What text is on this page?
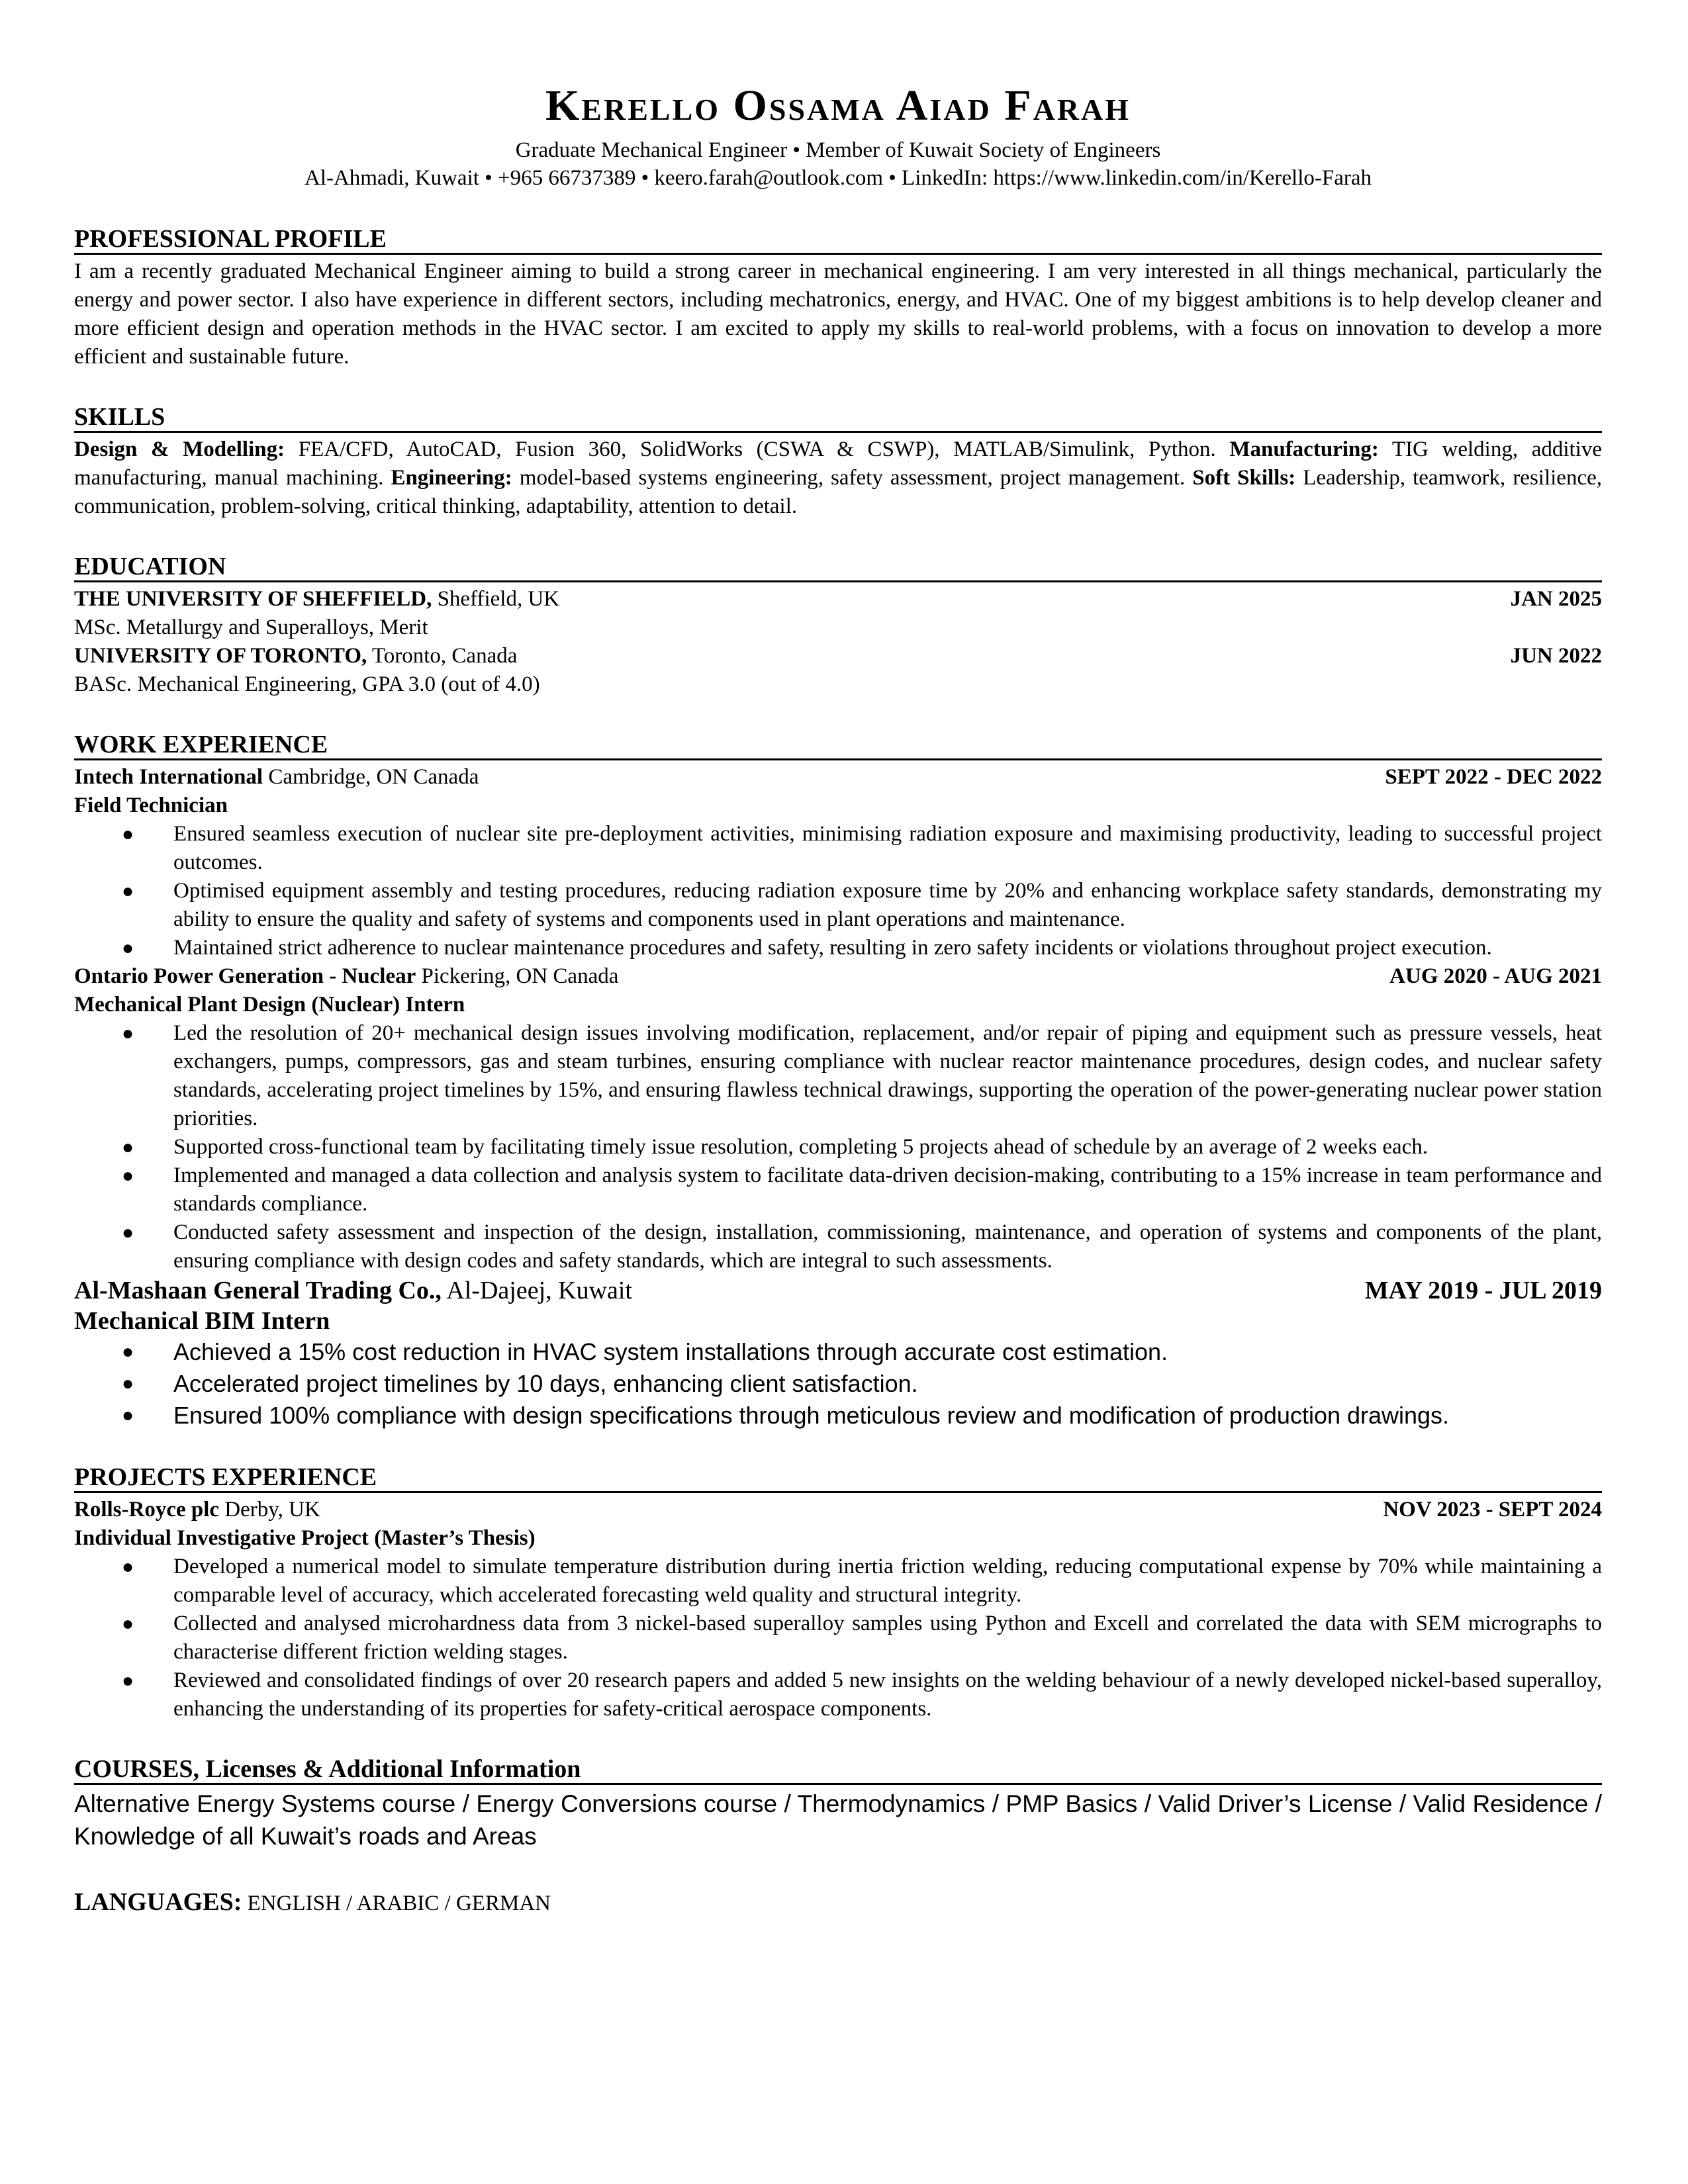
Kerello Ossama Aiad Farah
Graduate Mechanical Engineer • Member of Kuwait Society of Engineers
Al-Ahmadi, Kuwait • +965 66737389 • keero.farah@outlook.com • LinkedIn: https://www.linkedin.com/in/Kerello-Farah
PROFESSIONAL PROFILE
I am a recently graduated Mechanical Engineer aiming to build a strong career in mechanical engineering. I am very interested in all things mechanical, particularly the energy and power sector. I also have experience in different sectors, including mechatronics, energy, and HVAC. One of my biggest ambitions is to help develop cleaner and more efficient design and operation methods in the HVAC sector. I am excited to apply my skills to real-world problems, with a focus on innovation to develop a more efficient and sustainable future.
SKILLS
Design & Modelling: FEA/CFD, AutoCAD, Fusion 360, SolidWorks (CSWA & CSWP), MATLAB/Simulink, Python. Manufacturing: TIG welding, additive manufacturing, manual machining. Engineering: model-based systems engineering, safety assessment, project management. Soft Skills: Leadership, teamwork, resilience, communication, problem-solving, critical thinking, adaptability, attention to detail.
EDUCATION
THE UNIVERSITY OF SHEFFIELD, Sheffield, UK	JAN 2025
MSc. Metallurgy and Superalloys, Merit
UNIVERSITY OF TORONTO, Toronto, Canada	JUN 2022
BASc. Mechanical Engineering, GPA 3.0 (out of 4.0)
WORK EXPERIENCE
Intech International Cambridge, ON Canada	SEPT 2022 - DEC 2022
Field Technician
● Ensured seamless execution of nuclear site pre-deployment activities, minimising radiation exposure and maximising productivity, leading to successful project outcomes.
● Optimised equipment assembly and testing procedures, reducing radiation exposure time by 20% and enhancing workplace safety standards, demonstrating my ability to ensure the quality and safety of systems and components used in plant operations and maintenance.
● Maintained strict adherence to nuclear maintenance procedures and safety, resulting in zero safety incidents or violations throughout project execution.
Ontario Power Generation - Nuclear Pickering, ON Canada	AUG 2020 - AUG 2021
Mechanical Plant Design (Nuclear) Intern
● Led the resolution of 20+ mechanical design issues involving modification, replacement, and/or repair of piping and equipment such as pressure vessels, heat exchangers, pumps, compressors, gas and steam turbines, ensuring compliance with nuclear reactor maintenance procedures, design codes, and nuclear safety standards, accelerating project timelines by 15%, and ensuring flawless technical drawings, supporting the operation of the power-generating nuclear power station priorities.
● Supported cross-functional team by facilitating timely issue resolution, completing 5 projects ahead of schedule by an average of 2 weeks each.
● Implemented and managed a data collection and analysis system to facilitate data-driven decision-making, contributing to a 15% increase in team performance and standards compliance.
● Conducted safety assessment and inspection of the design, installation, commissioning, maintenance, and operation of systems and components of the plant, ensuring compliance with design codes and safety standards, which are integral to such assessments.
Al-Mashaan General Trading Co., Al-Dajeej, Kuwait	MAY 2019 - JUL 2019
Mechanical BIM Intern
● Achieved a 15% cost reduction in HVAC system installations through accurate cost estimation.
● Accelerated project timelines by 10 days, enhancing client satisfaction.
● Ensured 100% compliance with design specifications through meticulous review and modification of production drawings.
PROJECTS EXPERIENCE
Rolls-Royce plc Derby, UK	NOV 2023 - SEPT 2024
Individual Investigative Project (Master’s Thesis)
● Developed a numerical model to simulate temperature distribution during inertia friction welding, reducing computational expense by 70% while maintaining a comparable level of accuracy, which accelerated forecasting weld quality and structural integrity.
● Collected and analysed microhardness data from 3 nickel-based superalloy samples using Python and Excell and correlated the data with SEM micrographs to characterise different friction welding stages.
● Reviewed and consolidated findings of over 20 research papers and added 5 new insights on the welding behaviour of a newly developed nickel-based superalloy, enhancing the understanding of its properties for safety-critical aerospace components.
COURSES, Licenses & Additional Information
Alternative Energy Systems course / Energy Conversions course / Thermodynamics / PMP Basics / Valid Driver’s License / Valid Residence / Knowledge of all Kuwait’s roads and Areas
LANGUAGES: ENGLISH / ARABIC / GERMAN
